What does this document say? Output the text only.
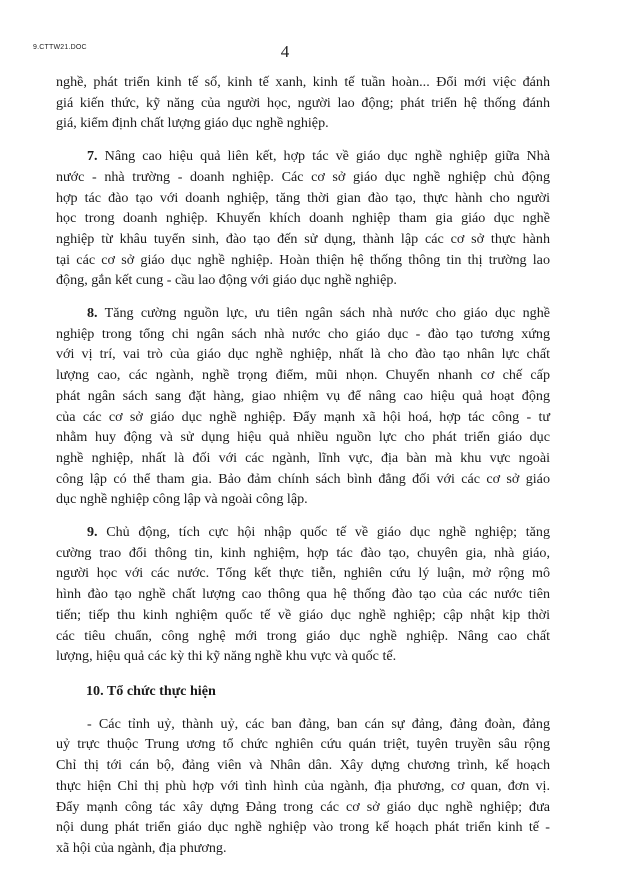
9.CTTW21.DOC	4

nghề, phát triển kinh tế số, kinh tế xanh, kinh tế tuần hoàn... Đổi mới việc đánh
giá kiến thức, kỹ năng của người học, người lao động; phát triển hệ thống đánh
giá, kiểm định chất lượng giáo dục nghề nghiệp.

7. Nâng cao hiệu quả liên kết, hợp tác về giáo dục nghề nghiệp giữa Nhà
nước - nhà trường - doanh nghiệp. Các cơ sở giáo dục nghề nghiệp chủ động
hợp tác đào tạo với doanh nghiệp, tăng thời gian đào tạo, thực hành cho người
học trong doanh nghiệp. Khuyến khích doanh nghiệp tham gia giáo dục nghề
nghiệp từ khâu tuyển sinh, đào tạo đến sử dụng, thành lập các cơ sở thực hành
tại các cơ sở giáo dục nghề nghiệp. Hoàn thiện hệ thống thông tin thị trường lao
động, gắn kết cung - cầu lao động với giáo dục nghề nghiệp.

8. Tăng cường nguồn lực, ưu tiên ngân sách nhà nước cho giáo dục nghề
nghiệp trong tổng chi ngân sách nhà nước cho giáo dục - đào tạo tương xứng
với vị trí, vai trò của giáo dục nghề nghiệp, nhất là cho đào tạo nhân lực chất
lượng cao, các ngành, nghề trọng điểm, mũi nhọn. Chuyển nhanh cơ chế cấp
phát ngân sách sang đặt hàng, giao nhiệm vụ để nâng cao hiệu quả hoạt động
của các cơ sở giáo dục nghề nghiệp. Đẩy mạnh xã hội hoá, hợp tác công - tư
nhằm huy động và sử dụng hiệu quả nhiều nguồn lực cho phát triển giáo dục
nghề nghiệp, nhất là đối với các ngành, lĩnh vực, địa bàn mà khu vực ngoài
công lập có thể tham gia. Bảo đảm chính sách bình đẳng đối với các cơ sở giáo
dục nghề nghiệp công lập và ngoài công lập.

9. Chủ động, tích cực hội nhập quốc tế về giáo dục nghề nghiệp; tăng
cường trao đổi thông tin, kinh nghiệm, hợp tác đào tạo, chuyên gia, nhà giáo,
người học với các nước. Tổng kết thực tiễn, nghiên cứu lý luận, mở rộng mô
hình đào tạo nghề chất lượng cao thông qua hệ thống đào tạo của các nước tiên
tiến; tiếp thu kinh nghiệm quốc tế về giáo dục nghề nghiệp; cập nhật kịp thời
các tiêu chuẩn, công nghệ mới trong giáo dục nghề nghiệp. Nâng cao chất
lượng, hiệu quả các kỳ thi kỹ năng nghề khu vực và quốc tế.

10. Tổ chức thực hiện

- Các tỉnh uỷ, thành uỷ, các ban đảng, ban cán sự đảng, đảng đoàn, đảng
uỷ trực thuộc Trung ương tổ chức nghiên cứu quán triệt, tuyên truyền sâu rộng
Chỉ thị tới cán bộ, đảng viên và Nhân dân. Xây dựng chương trình, kế hoạch
thực hiện Chỉ thị phù hợp với tình hình của ngành, địa phương, cơ quan, đơn vị.
Đẩy mạnh công tác xây dựng Đảng trong các cơ sở giáo dục nghề nghiệp; đưa
nội dung phát triển giáo dục nghề nghiệp vào trong kế hoạch phát triển kinh tế -
xã hội của ngành, địa phương.
